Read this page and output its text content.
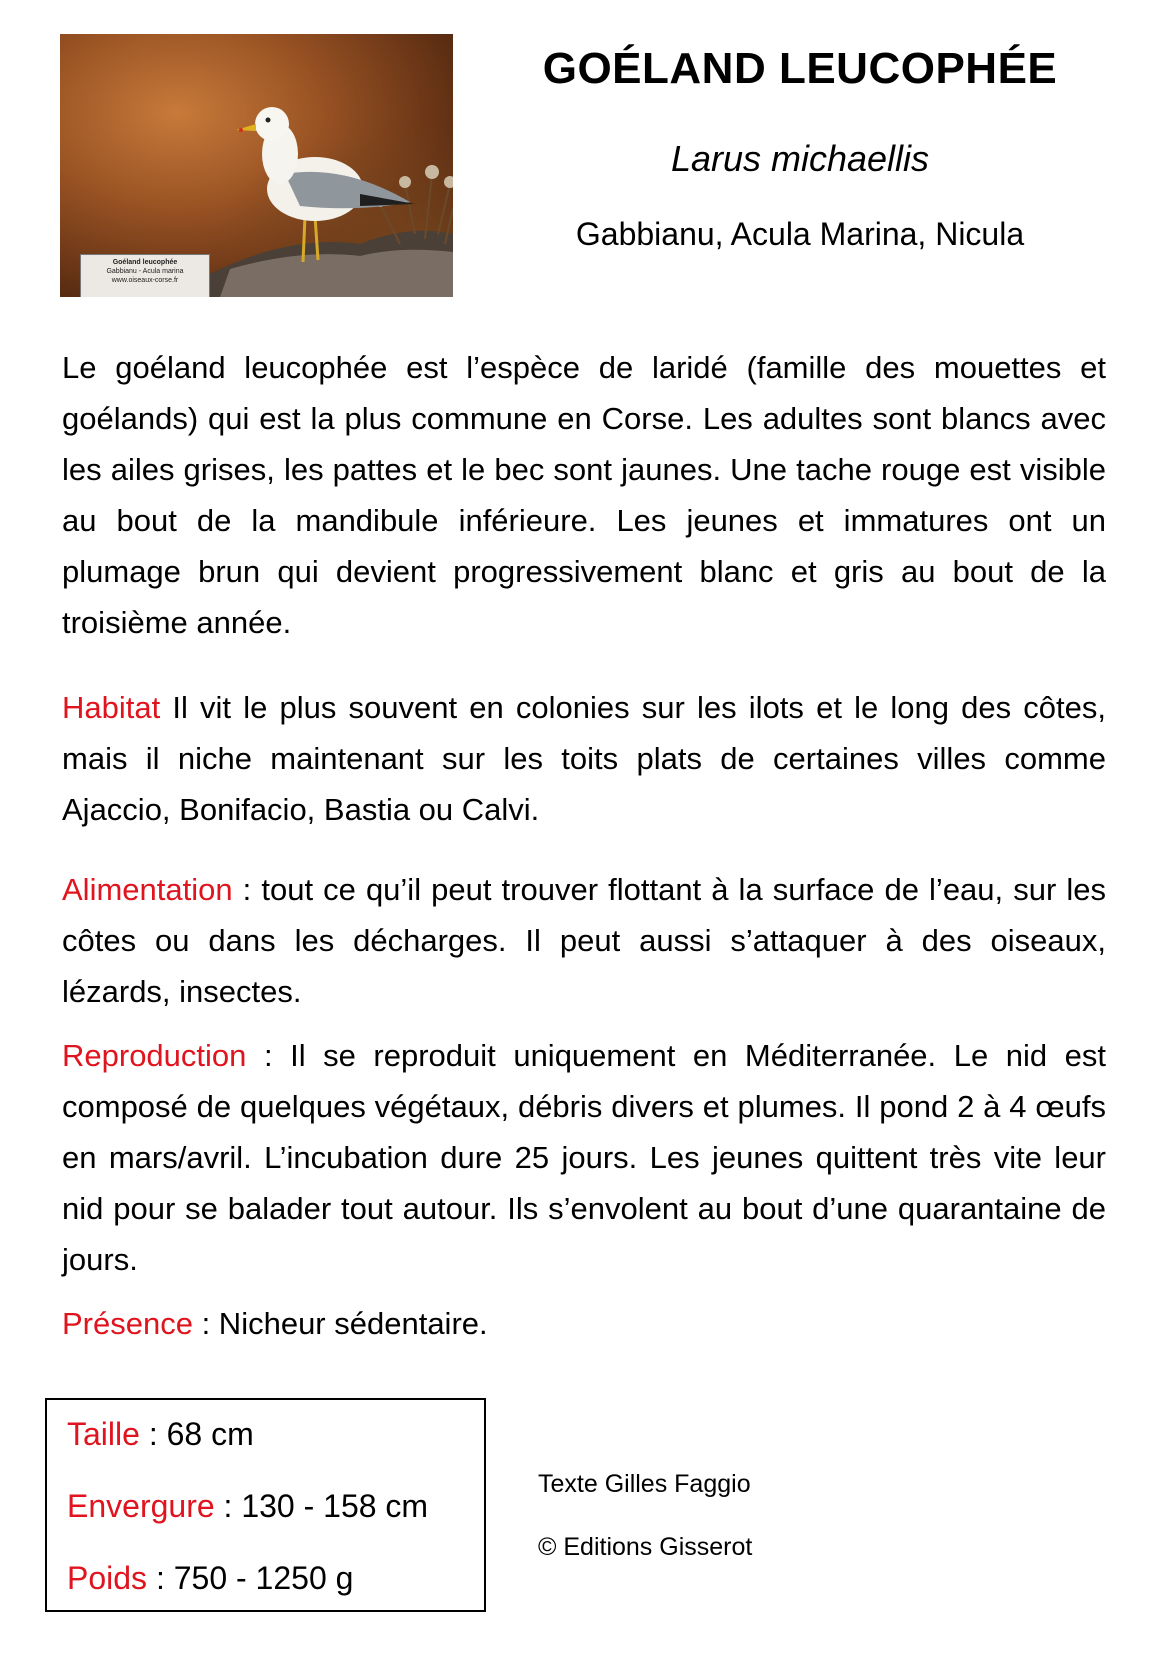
Goéland leucophée
Gabbianu - Acula marina
www.oiseaux-corse.fr
GOÉLAND LEUCOPHÉE
Larus michaellis
Gabbianu, Acula Marina, Nicula

Le goéland leucophée est l’espèce de laridé (famille des mouettes et goélands) qui est la plus commune en Corse. Les adultes sont blancs avec les ailes grises, les pattes et le bec sont jaunes. Une tache rouge est visible au bout de la mandibule inférieure. Les jeunes et immatures ont un plumage brun qui devient progressivement blanc et gris au bout de la troisième année.

Habitat Il vit le plus souvent en colonies sur les ilots et le long des côtes, mais il niche maintenant sur les toits plats de certaines villes comme Ajaccio, Bonifacio, Bastia ou Calvi.

Alimentation : tout ce qu’il peut trouver flottant à la surface de l’eau, sur les côtes ou dans les décharges. Il peut aussi s’attaquer à des oiseaux, lézards, insectes.

Reproduction : Il se reproduit uniquement en Méditerranée. Le nid est composé de quelques végétaux, débris divers et plumes. Il pond 2 à 4 œufs en mars/avril. L’incubation dure 25 jours. Les jeunes quittent très vite leur nid pour se balader tout autour. Ils s’envolent au bout d’une quarantaine de jours.

Présence : Nicheur sédentaire.

Taille : 68 cm
Envergure : 130 - 158 cm
Poids : 750 - 1250 g
Texte Gilles Faggio
© Editions Gisserot
